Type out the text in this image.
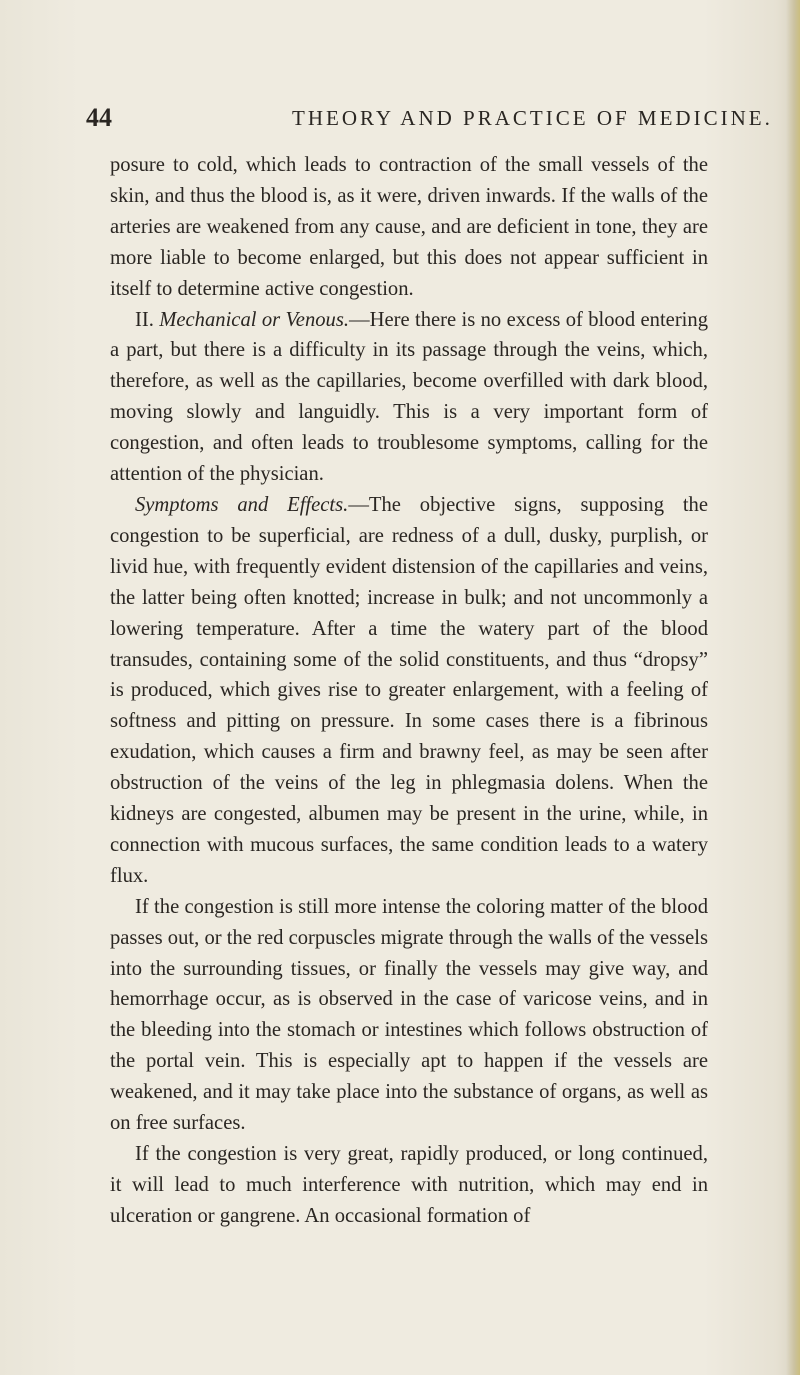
44	THEORY AND PRACTICE OF MEDICINE.

posure to cold, which leads to contraction of the small vessels of the skin, and thus the blood is, as it were, driven inwards. If the walls of the arteries are weakened from any cause, and are deficient in tone, they are more liable to become enlarged, but this does not appear sufficient in itself to determine active congestion.

II. Mechanical or Venous.—Here there is no excess of blood entering a part, but there is a difficulty in its passage through the veins, which, therefore, as well as the capillaries, become overfilled with dark blood, moving slowly and languidly. This is a very important form of congestion, and often leads to troublesome symptoms, calling for the attention of the physician.

Symptoms and Effects.—The objective signs, supposing the congestion to be superficial, are redness of a dull, dusky, purplish, or livid hue, with frequently evident distension of the capillaries and veins, the latter being often knotted; increase in bulk; and not uncommonly a lowering temperature. After a time the watery part of the blood transudes, containing some of the solid constituents, and thus “dropsy” is produced, which gives rise to greater enlargement, with a feeling of softness and pitting on pressure. In some cases there is a fibrinous exudation, which causes a firm and brawny feel, as may be seen after obstruction of the veins of the leg in phlegmasia dolens. When the kidneys are congested, albumen may be present in the urine, while, in connection with mucous surfaces, the same condition leads to a watery flux.

If the congestion is still more intense the coloring matter of the blood passes out, or the red corpuscles migrate through the walls of the vessels into the surrounding tissues, or finally the vessels may give way, and hemorrhage occur, as is observed in the case of varicose veins, and in the bleeding into the stomach or intestines which follows obstruction of the portal vein. This is especially apt to happen if the vessels are weakened, and it may take place into the substance of organs, as well as on free surfaces.

If the congestion is very great, rapidly produced, or long continued, it will lead to much interference with nutrition, which may end in ulceration or gangrene. An occasional formation of
